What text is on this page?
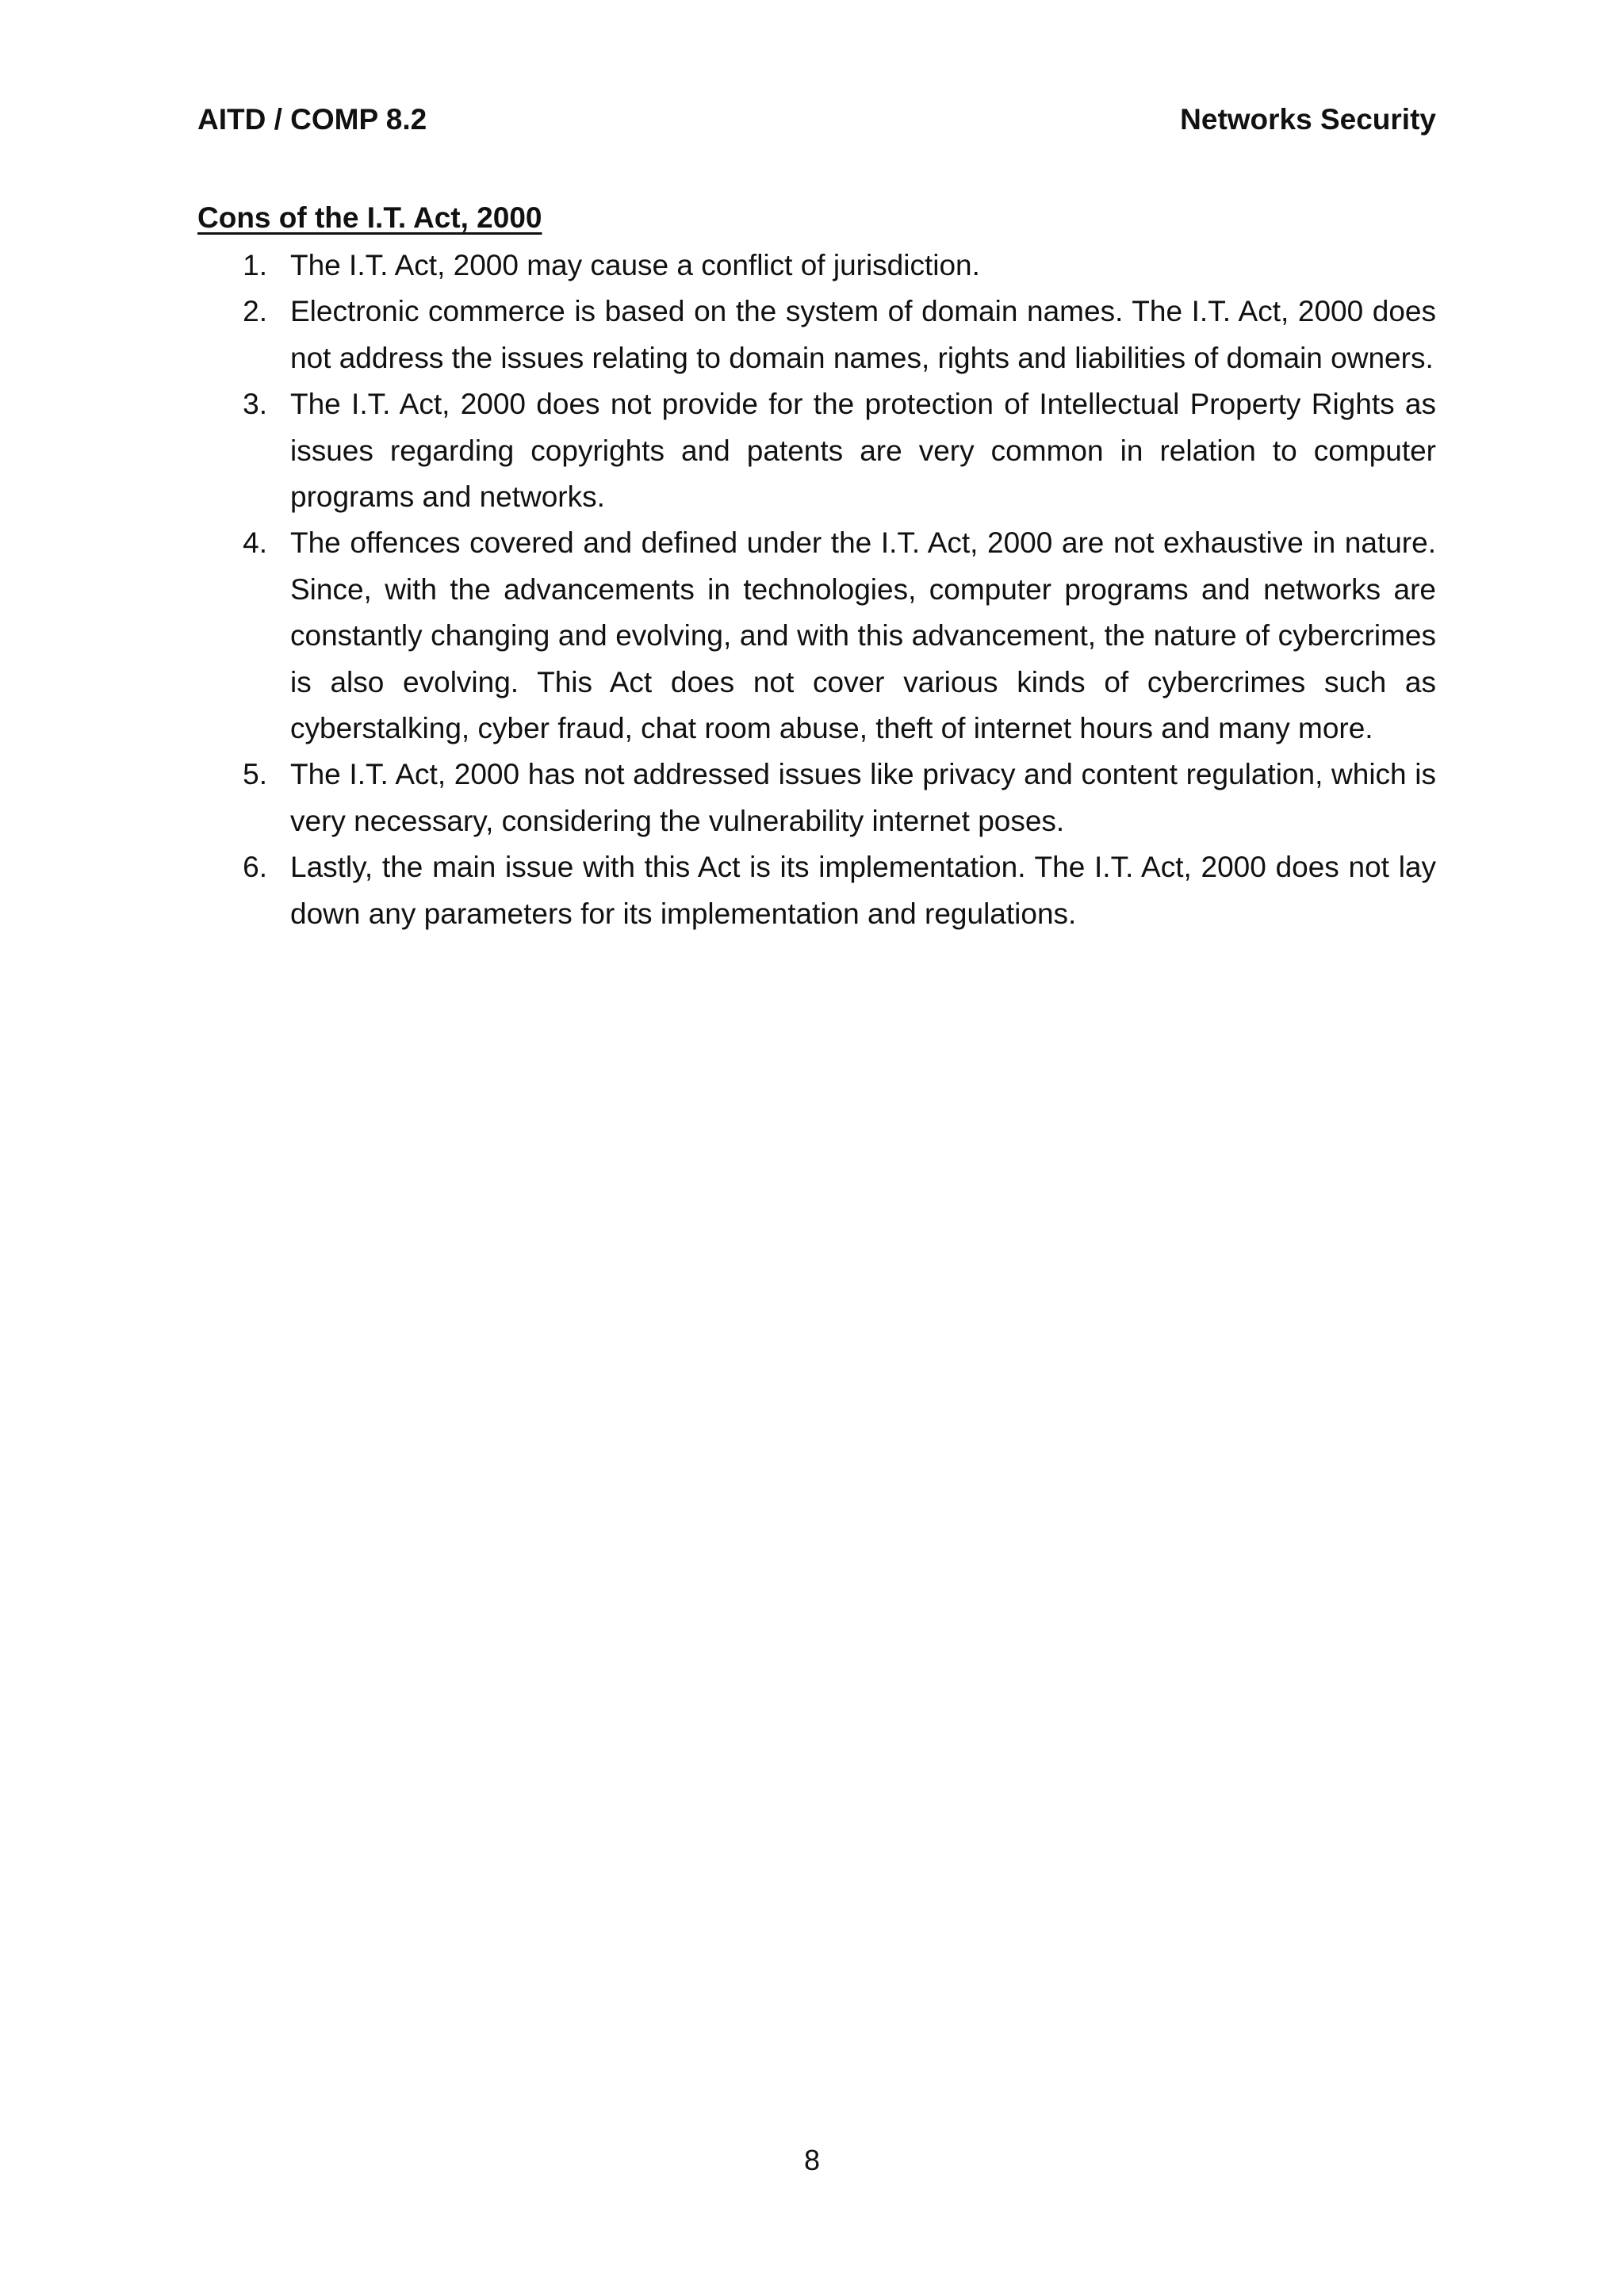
AITD / COMP 8.2	Networks Security
Cons of the I.T. Act, 2000
1. The I.T. Act, 2000 may cause a conflict of jurisdiction.
2. Electronic commerce is based on the system of domain names. The I.T. Act, 2000 does not address the issues relating to domain names, rights and liabilities of domain owners.
3. The I.T. Act, 2000 does not provide for the protection of Intellectual Property Rights as issues regarding copyrights and patents are very common in relation to computer programs and networks.
4. The offences covered and defined under the I.T. Act, 2000 are not exhaustive in nature. Since, with the advancements in technologies, computer programs and networks are constantly changing and evolving, and with this advancement, the nature of cybercrimes is also evolving. This Act does not cover various kinds of cybercrimes such as cyberstalking, cyber fraud, chat room abuse, theft of internet hours and many more.
5. The I.T. Act, 2000 has not addressed issues like privacy and content regulation, which is very necessary, considering the vulnerability internet poses.
6. Lastly, the main issue with this Act is its implementation. The I.T. Act, 2000 does not lay down any parameters for its implementation and regulations.
8
